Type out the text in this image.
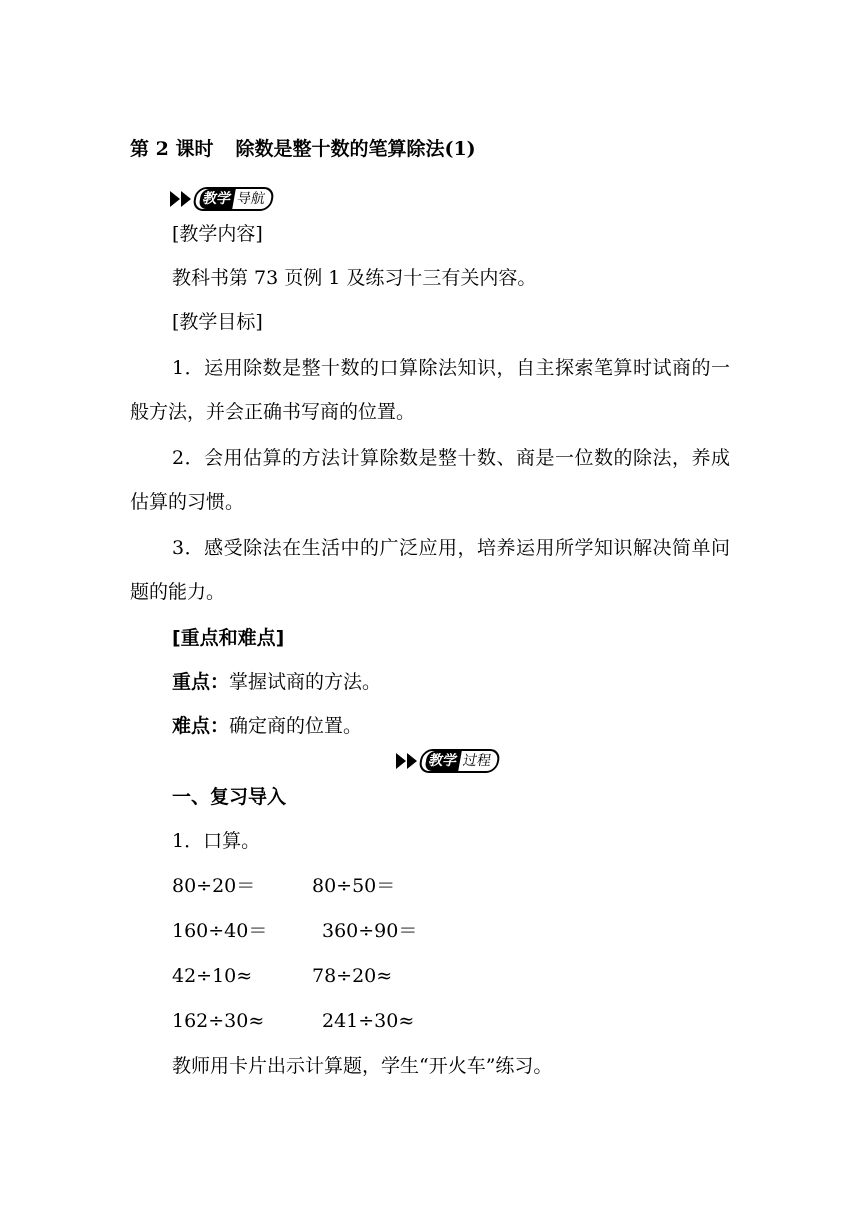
第 2 课时 除数是整十数的笔算除法(1)
教学 导航
[教学内容]
教科书第 73 页例 1 及练习十三有关内容。
[教学目标]
1．运用除数是整十数的口算除法知识，自主探索笔算时试商的一般方法，并会正确书写商的位置。
2．会用估算的方法计算除数是整十数、商是一位数的除法，养成估算的习惯。
3．感受除法在生活中的广泛应用，培养运用所学知识解决简单问题的能力。
[重点和难点]
重点：掌握试商的方法。
难点：确定商的位置。
教学 过程
一、复习导入
1．口算。
80÷20＝	80÷50＝
160÷40＝	360÷90＝
42÷10≈	78÷20≈
162÷30≈	241÷30≈
教师用卡片出示计算题，学生“开火车”练习。
